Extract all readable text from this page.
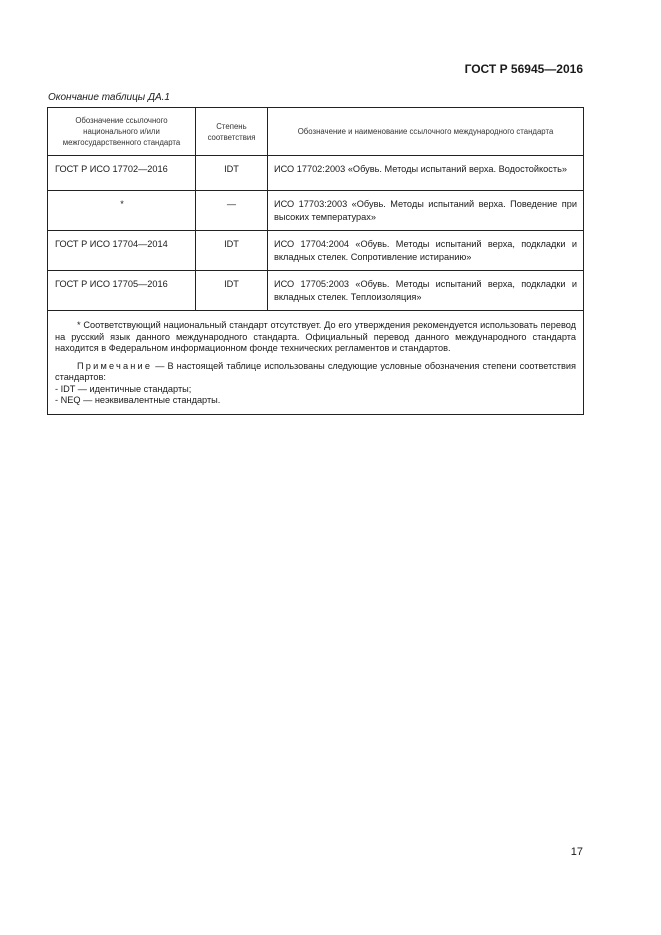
ГОСТ Р 56945—2016
Окончание таблицы ДА.1
Обозначение ссылочного национального и/или межгосударственного стандарта	Степень соответствия	Обозначение и наименование ссылочного международного стандарта
ГОСТ Р ИСО 17702—2016	IDT	ИСО 17702:2003 «Обувь. Методы испытаний верха. Водостойкость»
*	—	ИСО 17703:2003 «Обувь. Методы испытаний верха. Поведение при высоких температурах»
ГОСТ Р ИСО 17704—2014	IDT	ИСО 17704:2004 «Обувь. Методы испытаний верха, подкладки и вкладных стелек. Сопротивление истиранию»
ГОСТ Р ИСО 17705—2016	IDT	ИСО 17705:2003 «Обувь. Методы испытаний верха, подкладки и вкладных стелек. Теплоизоляция»

* Соответствующий национальный стандарт отсутствует. До его утверждения рекомендуется использовать перевод на русский язык данного международного стандарта. Официальный перевод данного международного стандарта находится в Федеральном информационном фонде технических регламентов и стандартов.

Примечание — В настоящей таблице использованы следующие условные обозначения степени соответствия стандартов:

- IDT — идентичные стандарты;

- NEQ — неэквивалентные стандарты.		

17
